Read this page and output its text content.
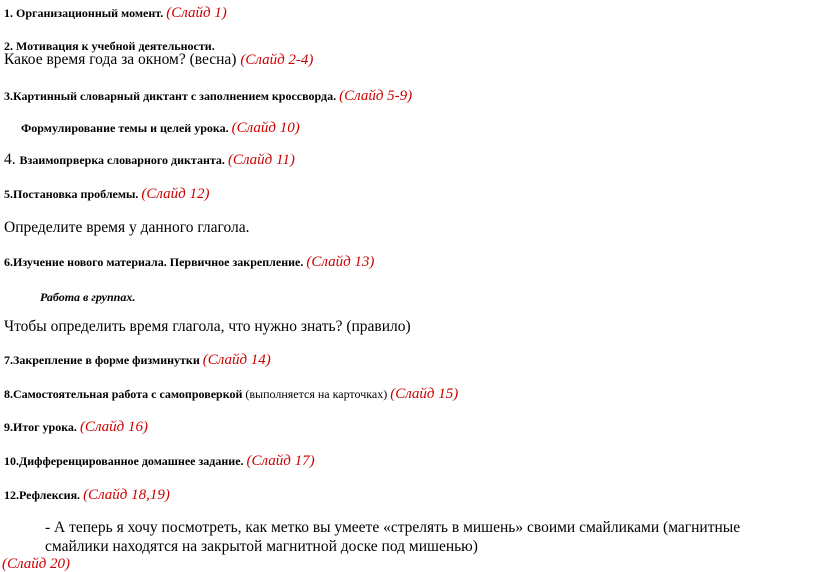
1. Организационный момент. (Слайд 1)
2. Мотивация к учебной деятельности.
Какое время года за окном? (весна) (Слайд 2-4)
3.Картинный словарный диктант с заполнением кроссворда. (Слайд 5-9)
Формулирование темы и целей урока. (Слайд 10)
4. Взаимопрверка словарного диктанта. (Слайд 11)
5.Постановка проблемы. (Слайд 12)
Определите время у данного глагола.
6.Изучение нового материала. Первичное закрепление. (Слайд 13)
Работа в группах.
Чтобы определить время глагола, что нужно знать? (правило)
7.Закрепление в форме физминутки (Слайд 14)
8.Самостоятельная работа с самопроверкой (выполняется на карточках) (Слайд 15)
9.Итог урока. (Слайд 16)
10.Дифференцированное домашнее задание. (Слайд 17)
12.Рефлексия. (Слайд 18,19)
- А теперь я хочу посмотреть, как метко вы умеете «стрелять в мишень» своими смайликами (магнитные
смайлики находятся на закрытой магнитной доске под мишенью)
(Слайд 20)
